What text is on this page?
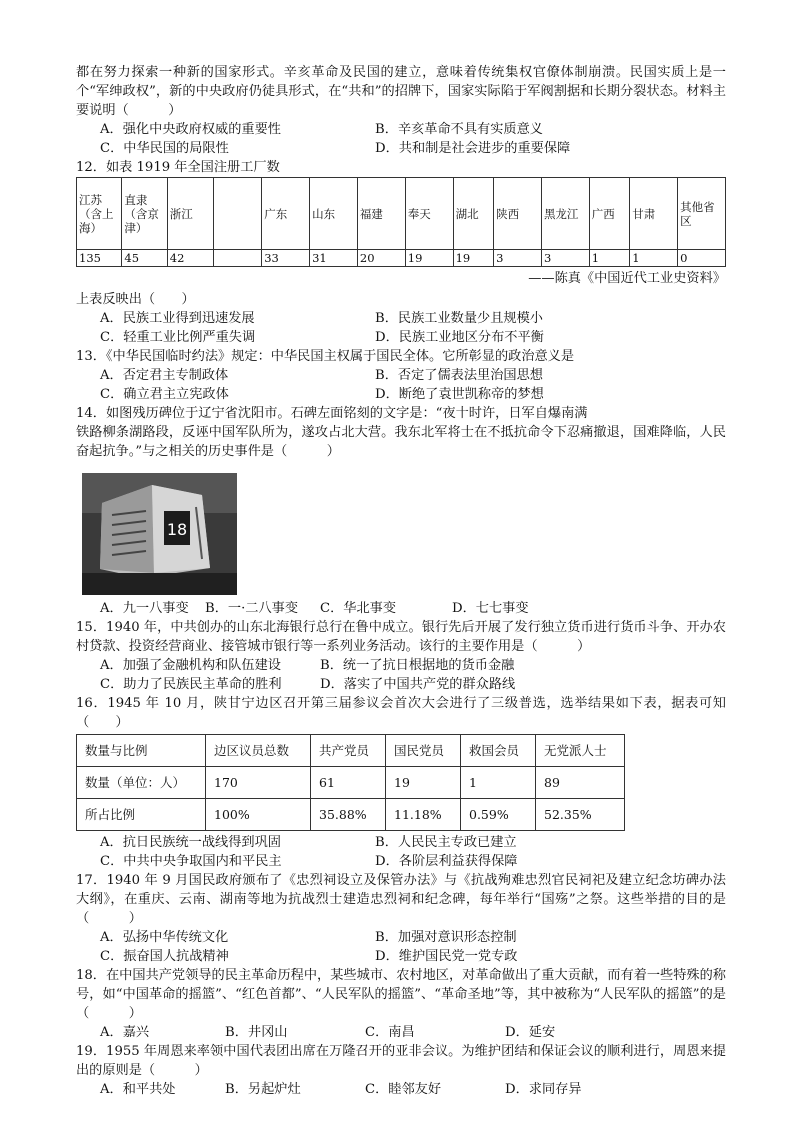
都在努力探索一种新的国家形式。辛亥革命及民国的建立，意味着传统集权官僚体制崩溃。民国实质上是一个“军绅政权”，新的中央政府仍徒具形式，在“共和”的招牌下，国家实际陷于军阀割据和长期分裂状态。材料主要说明（　　　）

A．强化中央政府权威的重要性	B．辛亥革命不具有实质意义
C．中华民国的局限性	D．共和制是社会进步的重要保障

12．如表 1919 年全国注册工厂数

江苏（含上海）	直隶（含京津）	浙江		广东	山东	福建	奉天	湖北	陕西	黑龙江	广西	甘肃	其他省区
135	45	42		33	31	20	19	19	3	3	1	1	0

——陈真《中国近代工业史资料》

上表反映出（　　）

A．民族工业得到迅速发展	B．民族工业数量少且规模小
C．轻重工业比例严重失调	D．民族工业地区分布不平衡

13．《中华民国临时约法》规定：中华民国主权属于国民全体。它所彰显的政治意义是

A．否定君主专制政体	B．否定了儒表法里治国思想
C．确立君主立宪政体	D．断绝了袁世凯称帝的梦想

14．如图残历碑位于辽宁省沈阳市。石碑左面铭刻的文字是：“夜十时许，日军自爆南满

铁路柳条湖路段，反诬中国军队所为，遂攻占北大营。我东北军将士在不抵抗命令下忍痛撤退，国难降临，人民奋起抗争。”与之相关的历史事件是（　　　）

18
A．九一八事变	B．一·二八事变	C．华北事变	D．七七事变

15．1940 年，中共创办的山东北海银行总行在鲁中成立。银行先后开展了发行独立货币进行货币斗争、开办农村贷款、投资经营商业、接管城市银行等一系列业务活动。该行的主要作用是（　　　）

A．加强了金融机构和队伍建设	B．统一了抗日根据地的货币金融
C．助力了民族民主革命的胜利	D．落实了中国共产党的群众路线

16．1945 年 10 月，陕甘宁边区召开第三届参议会首次大会进行了三级普选，选举结果如下表，据表可知（　　）

数量与比例	边区议员总数	共产党员	国民党员	救国会员	无党派人士
数量（单位：人）	170	61	19	1	89
所占比例	100%	35.88%	11.18%	0.59%	52.35%
A．抗日民族统一战线得到巩固	B．人民民主专政已建立
C．中共中央争取国内和平民主	D．各阶层利益获得保障

17．1940 年 9 月国民政府颁布了《忠烈祠设立及保管办法》与《抗战殉难忠烈官民祠祀及建立纪念坊碑办法大纲》，在重庆、云南、湖南等地为抗战烈士建造忠烈祠和纪念碑，每年举行“国殇”之祭。这些举措的目的是（　　　）

A．弘扬中华传统文化	B．加强对意识形态控制
C．振奋国人抗战精神	D．维护国民党一党专政

18．在中国共产党领导的民主革命历程中，某些城市、农村地区，对革命做出了重大贡献，而有着一些特殊的称号，如“中国革命的摇篮”、“红色首都”、“人民军队的摇篮”、“革命圣地”等，其中被称为“人民军队的摇篮”的是（　　　）

A．嘉兴	B．井冈山	C．南昌	D．延安

19．1955 年周恩来率领中国代表团出席在万隆召开的亚非会议。为维护团结和保证会议的顺利进行，周恩来提出的原则是（　　　）

A．和平共处	B．另起炉灶	C．睦邻友好	D．求同存异
